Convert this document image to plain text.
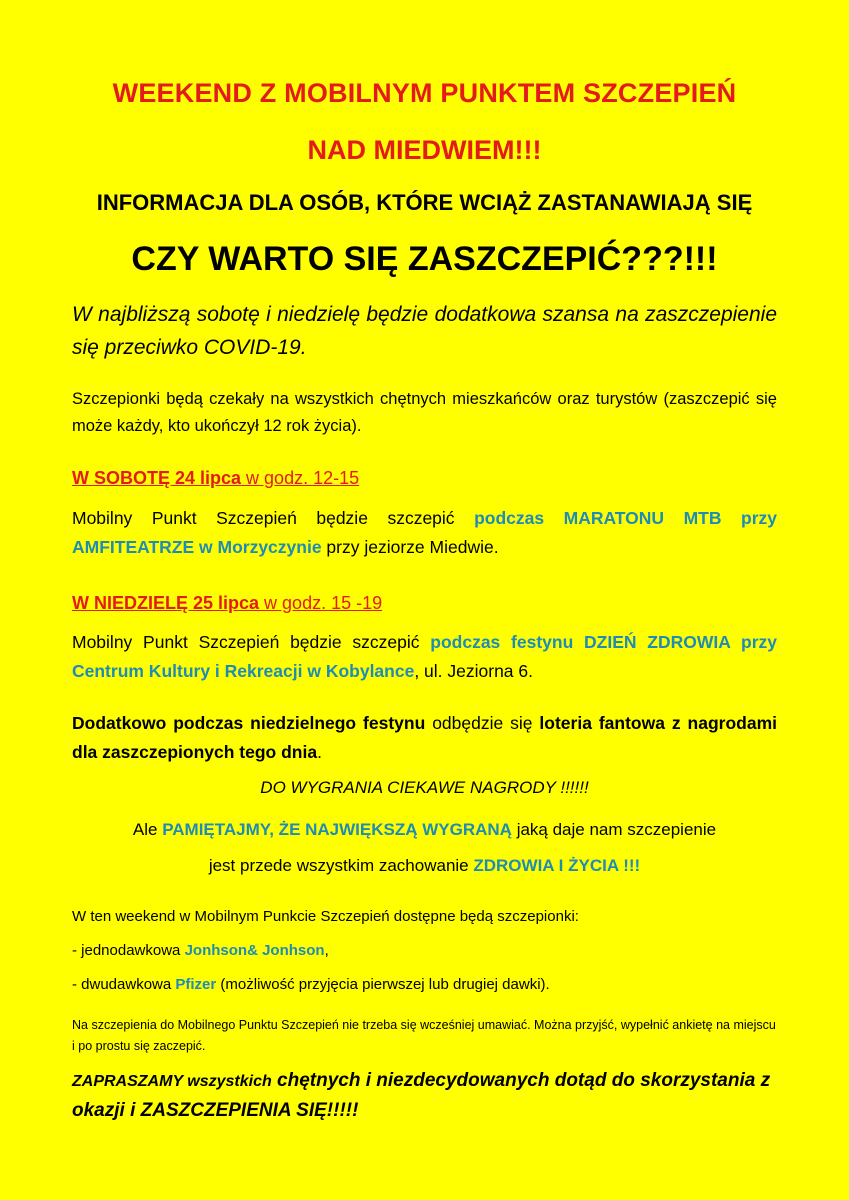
WEEKEND Z MOBILNYM PUNKTEM SZCZEPIEŃ
NAD MIEDWIEM!!!
INFORMACJA DLA OSÓB, KTÓRE WCIĄŻ ZASTANAWIAJĄ SIĘ
CZY WARTO SIĘ ZASZCZEPIĆ???!!!

W najbliższą sobotę i niedzielę będzie dodatkowa szansa na zaszczepienie się przeciwko COVID-19.

Szczepionki będą czekały na wszystkich chętnych mieszkańców oraz turystów (zaszczepić się może każdy, kto ukończył 12 rok życia).

W SOBOTĘ 24 lipca w godz. 12-15

Mobilny Punkt Szczepień będzie szczepić podczas MARATONU MTB przy AMFITEATRZE w Morzyczynie przy jeziorze Miedwie.

W NIEDZIELĘ 25 lipca w godz. 15 -19

Mobilny Punkt Szczepień będzie szczepić podczas festynu DZIEŃ ZDROWIA przy Centrum Kultury i Rekreacji w Kobylance, ul. Jeziorna 6.

Dodatkowo podczas niedzielnego festynu odbędzie się loteria fantowa z nagrodami dla zaszczepionych tego dnia.

DO WYGRANIA CIEKAWE NAGRODY !!!!!!

Ale PAMIĘTAJMY, ŻE NAJWIĘKSZĄ WYGRANĄ jaką daje nam szczepienie

jest przede wszystkim zachowanie ZDROWIA I ŻYCIA !!!

W ten weekend w Mobilnym Punkcie Szczepień dostępne będą szczepionki:

- jednodawkowa Jonhson& Jonhson,

- dwudawkowa Pfizer (możliwość przyjęcia pierwszej lub drugiej dawki).

Na szczepienia do Mobilnego Punktu Szczepień nie trzeba się wcześniej umawiać. Można przyjść, wypełnić ankietę na miejscu i po prostu się zaczepić.

ZAPRASZAMY wszystkich chętnych i niezdecydowanych dotąd do skorzystania z okazji i ZASZCZEPIENIA SIĘ!!!!!
